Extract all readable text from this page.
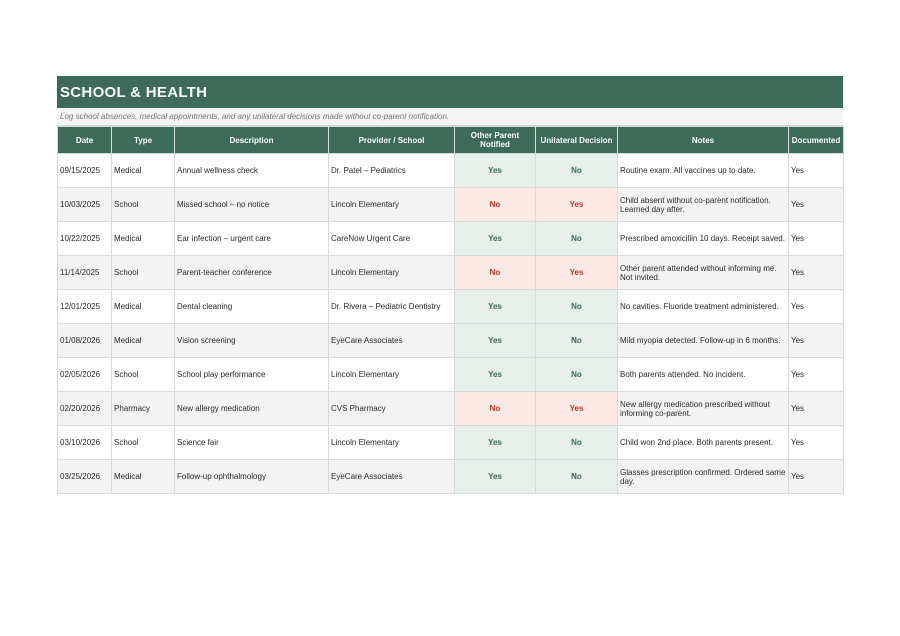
SCHOOL & HEALTH
Log school absences, medical appointments, and any unilateral decisions made without co-parent notification.
Date	Type	Description	Provider / School	Other Parent Notified	Unilateral Decision	Notes	Documented
09/15/2025	Medical	Annual wellness check	Dr. Patel – Pediatrics	Yes	No	Routine exam. All vaccines up to date.	Yes
10/03/2025	School	Missed school – no notice	Lincoln Elementary	No	Yes	Child absent without co-parent notification. Learned day after.	Yes
10/22/2025	Medical	Ear infection – urgent care	CareNow Urgent Care	Yes	No	Prescribed amoxicillin 10 days. Receipt saved.	Yes
11/14/2025	School	Parent-teacher conference	Lincoln Elementary	No	Yes	Other parent attended without informing me. Not invited.	Yes
12/01/2025	Medical	Dental cleaning	Dr. Rivera – Pediatric Dentistry	Yes	No	No cavities. Fluoride treatment administered.	Yes
01/08/2026	Medical	Vision screening	EyeCare Associates	Yes	No	Mild myopia detected. Follow-up in 6 months.	Yes
02/05/2026	School	School play performance	Lincoln Elementary	Yes	No	Both parents attended. No incident.	Yes
02/20/2026	Pharmacy	New allergy medication	CVS Pharmacy	No	Yes	New allergy medication prescribed without informing co-parent.	Yes
03/10/2026	School	Science fair	Lincoln Elementary	Yes	No	Child won 2nd place. Both parents present.	Yes
03/25/2026	Medical	Follow-up ophthalmology	EyeCare Associates	Yes	No	Glasses prescription confirmed. Ordered same day.	Yes
